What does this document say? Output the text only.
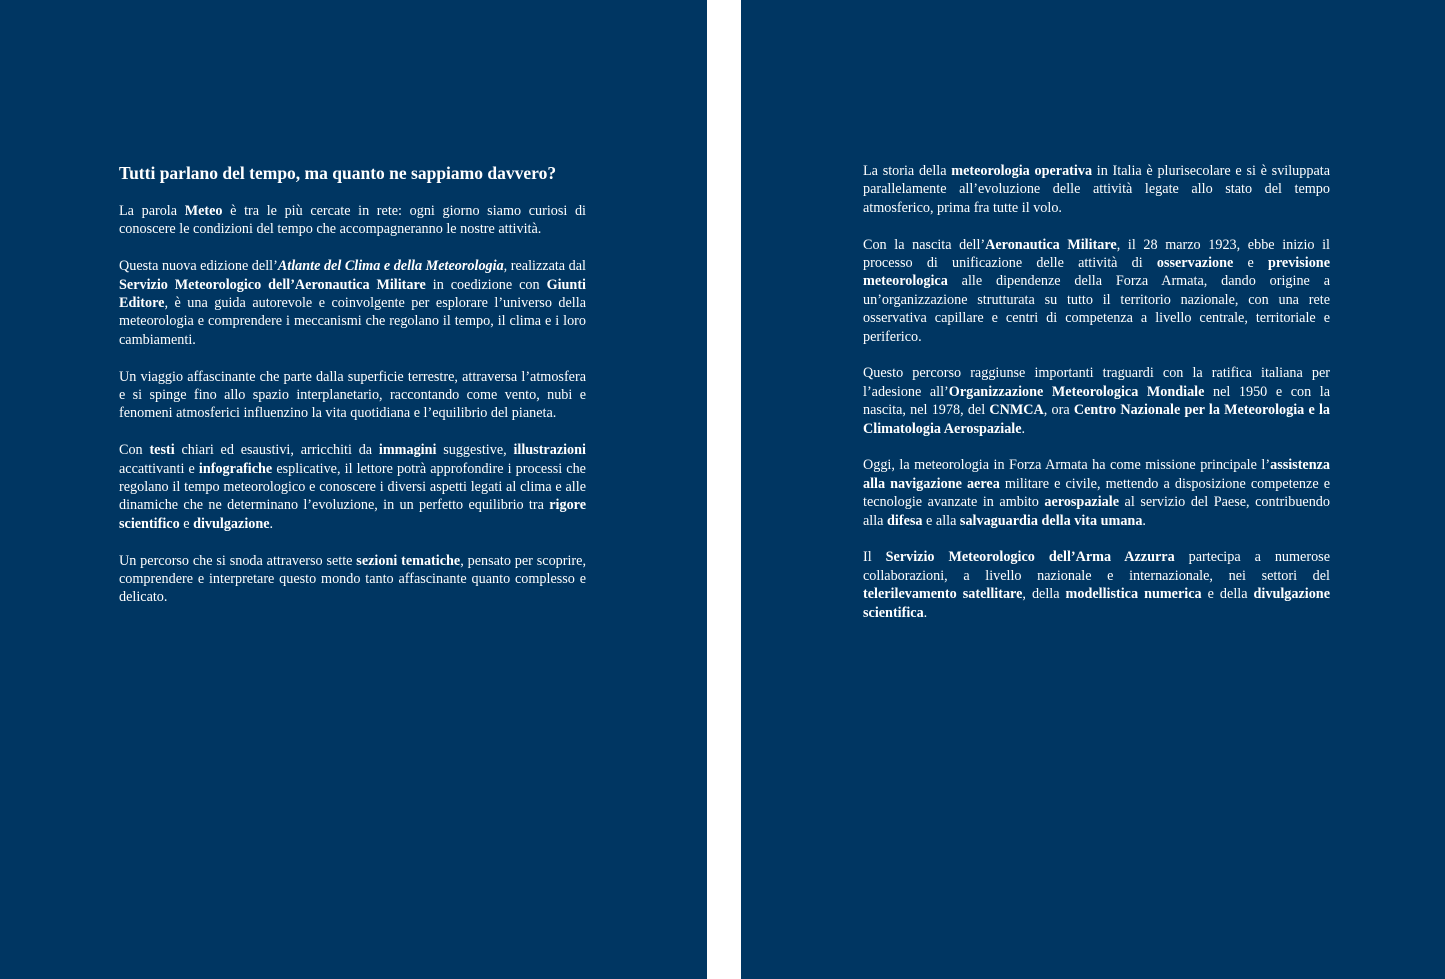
Tutti parlano del tempo, ma quanto ne sappiamo davvero?

La parola Meteo è tra le più cercate in rete: ogni giorno siamo curiosi di conoscere le condizioni del tempo che accompagneranno le nostre attività.

Questa nuova edizione dell’Atlante del Clima e della Meteorologia, realizzata dal Servizio Meteorologico dell’Aeronautica Militare in coedizione con Giunti Editore, è una guida autorevole e coinvolgente per esplorare l’universo della meteorologia e comprendere i meccanismi che regolano il tempo, il clima e i loro cambiamenti.

Un viaggio affascinante che parte dalla superficie terrestre, attraversa l’atmosfera e si spinge fino allo spazio interplanetario, raccontando come vento, nubi e fenomeni atmosferici influenzino la vita quotidiana e l’equilibrio del pianeta.

Con testi chiari ed esaustivi, arricchiti da immagini suggestive, illustrazioni accattivanti e infografiche esplicative, il lettore potrà approfondire i processi che regolano il tempo meteorologico e conoscere i diversi aspetti legati al clima e alle dinamiche che ne determinano l’evoluzione, in un perfetto equilibrio tra rigore scientifico e divulgazione.

Un percorso che si snoda attraverso sette sezioni tematiche, pensato per scoprire, comprendere e interpretare questo mondo tanto affascinante quanto complesso e delicato.

La storia della meteorologia operativa in Italia è plurisecolare e si è sviluppata parallelamente all’evoluzione delle attività legate allo stato del tempo atmosferico, prima fra tutte il volo.

Con la nascita dell’Aeronautica Militare, il 28 marzo 1923, ebbe inizio il processo di unificazione delle attività di osservazione e previsione meteorologica alle dipendenze della Forza Armata, dando origine a un’organizzazione strutturata su tutto il territorio nazionale, con una rete osservativa capillare e centri di competenza a livello centrale, territoriale e periferico.

Questo percorso raggiunse importanti traguardi con la ratifica italiana per l’adesione all’Organizzazione Meteorologica Mondiale nel 1950 e con la nascita, nel 1978, del CNMCA, ora Centro Nazionale per la Meteorologia e la Climatologia Aerospaziale.

Oggi, la meteorologia in Forza Armata ha come missione principale l’assistenza alla navigazione aerea militare e civile, mettendo a disposizione competenze e tecnologie avanzate in ambito aerospaziale al servizio del Paese, contribuendo alla difesa e alla salvaguardia della vita umana.

Il Servizio Meteorologico dell’Arma Azzurra partecipa a numerose collaborazioni, a livello nazionale e internazionale, nei settori del telerilevamento satellitare, della modellistica numerica e della divulgazione scientifica.
